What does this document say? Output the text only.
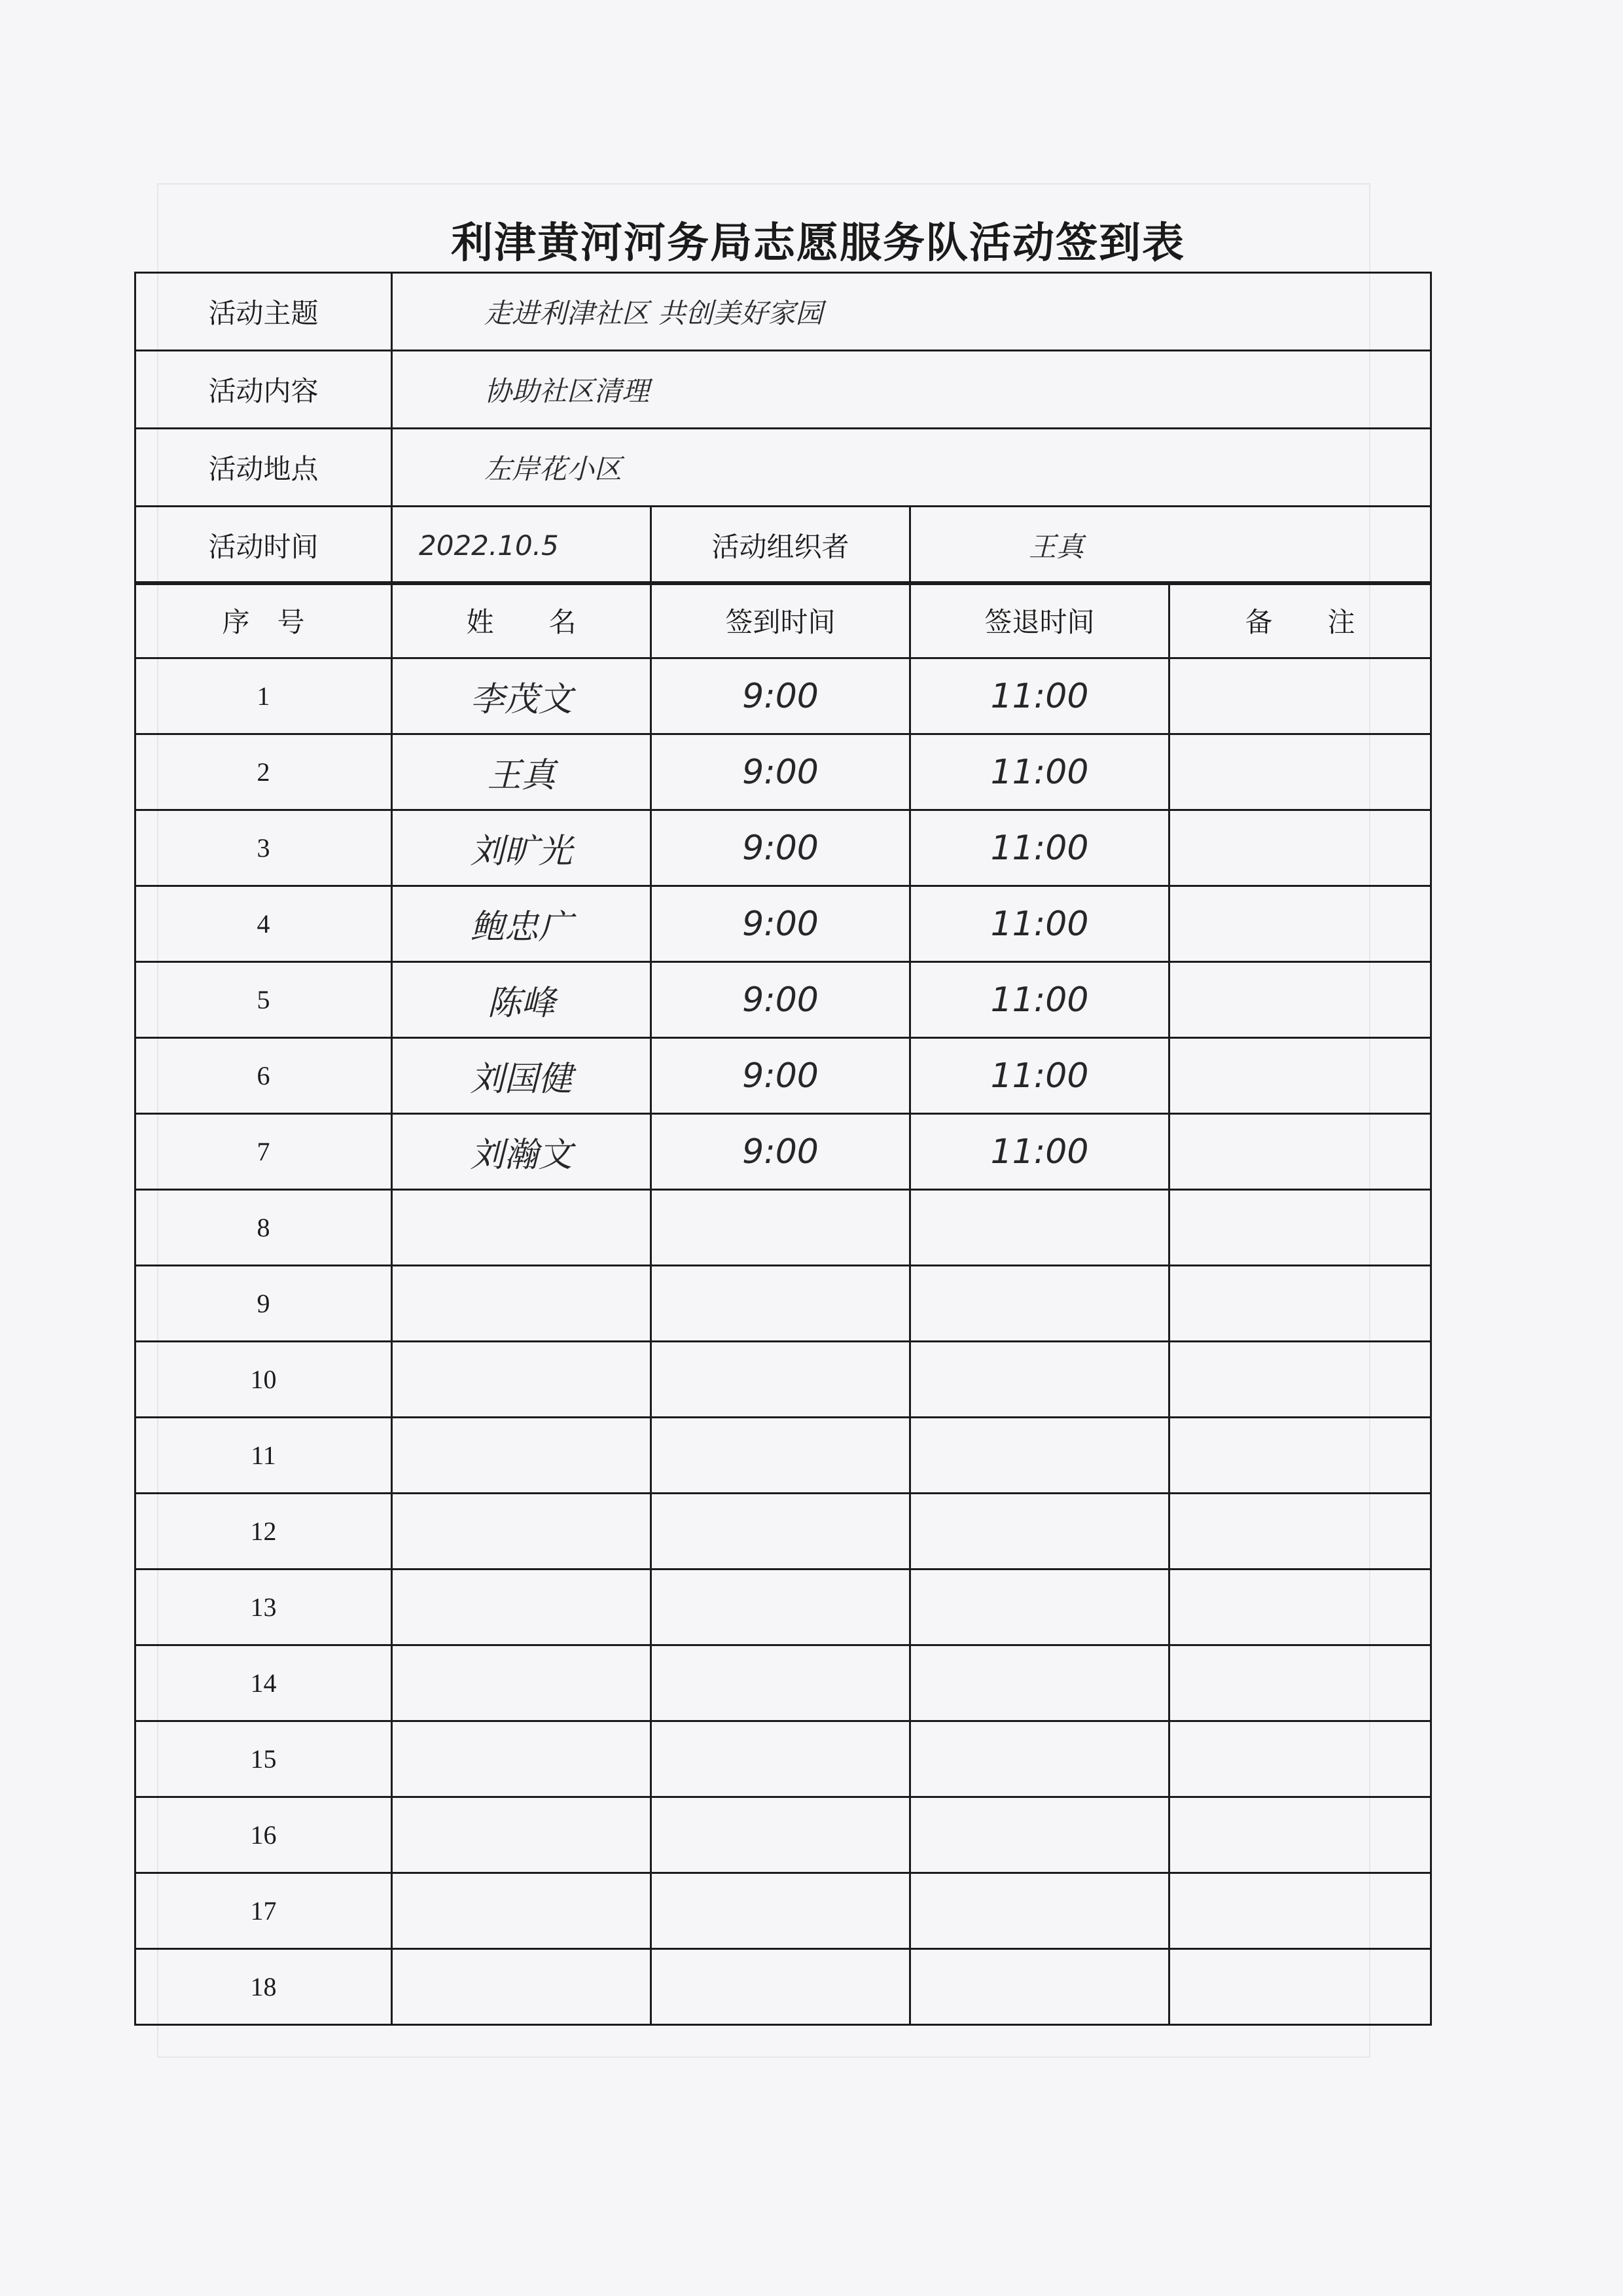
利津黄河河务局志愿服务队活动签到表
活动主题	走进利津社区 共创美好家园		
活动内容	协助社区清理		
活动地点	左岸花小区		
活动时间	2022.10.5	活动组织者	王真
序　号	姓　　名	签到时间	签退时间	备　　注
1	李茂文	9:00	11:00	
2	王真	9:00	11:00	
3	刘旷光	9:00	11:00	
4	鲍忠广	9:00	11:00	
5	陈峰	9:00	11:00	
6	刘国健	9:00	11:00	
7	刘瀚文	9:00	11:00	
8				
9				
10				
11				
12				
13				
14				
15				
16				
17				
18				
